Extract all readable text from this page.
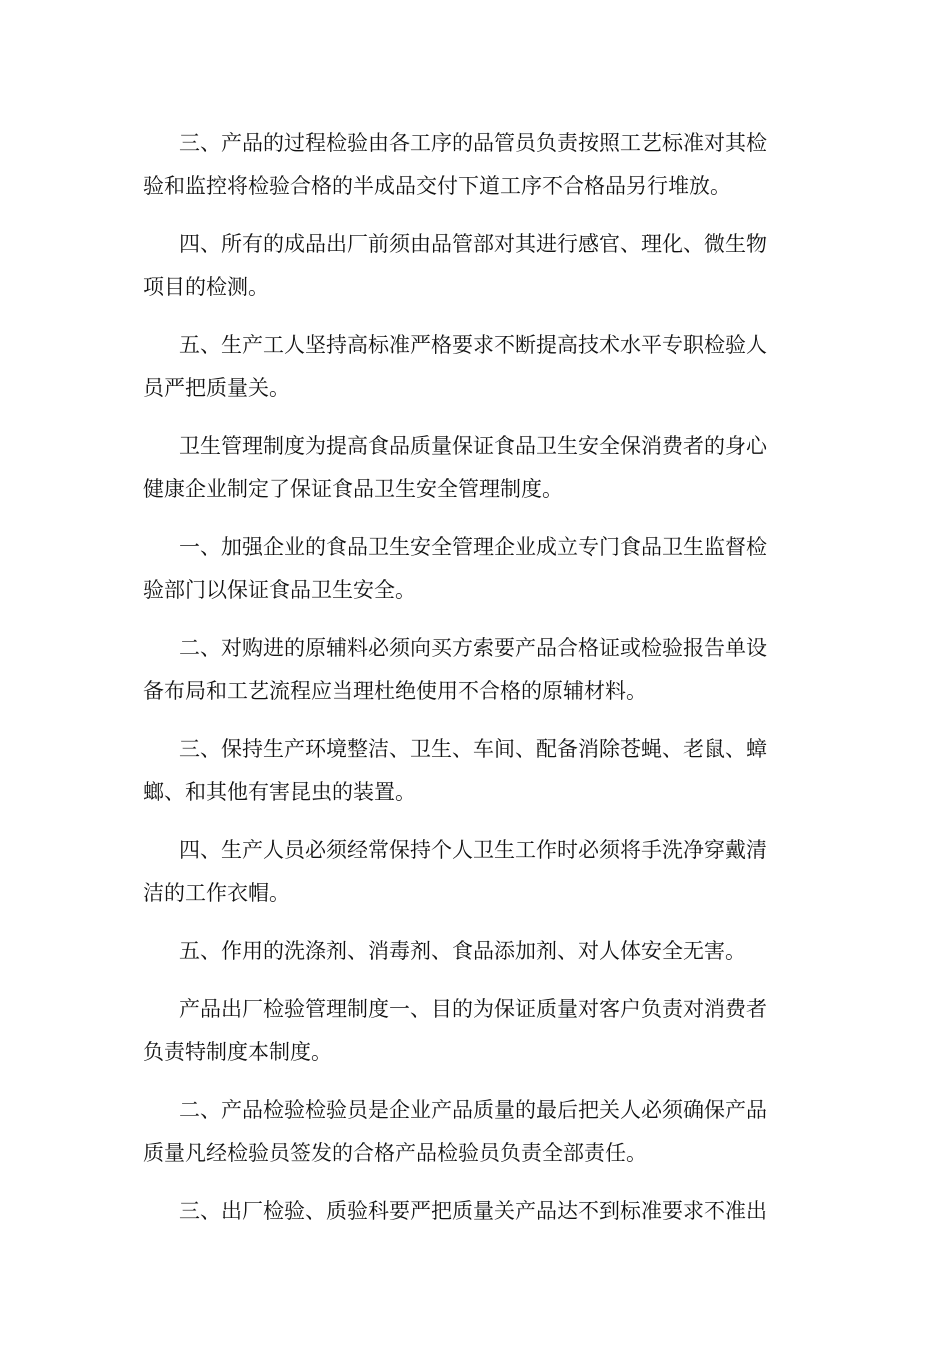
三、产品的过程检验由各工序的品管员负责按照工艺标准对其检验和监控将检验合格的半成品交付下道工序不合格品另行堆放。

四、所有的成品出厂前须由品管部对其进行感官、理化、微生物项目的检测。

五、生产工人坚持高标准严格要求不断提高技术水平专职检验人员严把质量关。

卫生管理制度为提高食品质量保证食品卫生安全保消费者的身心健康企业制定了保证食品卫生安全管理制度。

一、加强企业的食品卫生安全管理企业成立专门食品卫生监督检验部门以保证食品卫生安全。

二、对购进的原辅料必须向买方索要产品合格证或检验报告单设备布局和工艺流程应当理杜绝使用不合格的原辅材料。

三、保持生产环境整洁、卫生、车间、配备消除苍蝇、老鼠、蟑螂、和其他有害昆虫的装置。

四、生产人员必须经常保持个人卫生工作时必须将手洗净穿戴清洁的工作衣帽。

五、作用的洗涤剂、消毒剂、食品添加剂、对人体安全无害。

产品出厂检验管理制度一、目的为保证质量对客户负责对消费者负责特制度本制度。

二、产品检验检验员是企业产品质量的最后把关人必须确保产品质量凡经检验员签发的合格产品检验员负责全部责任。

三、出厂检验、质验科要严把质量关产品达不到标准要求不准出
